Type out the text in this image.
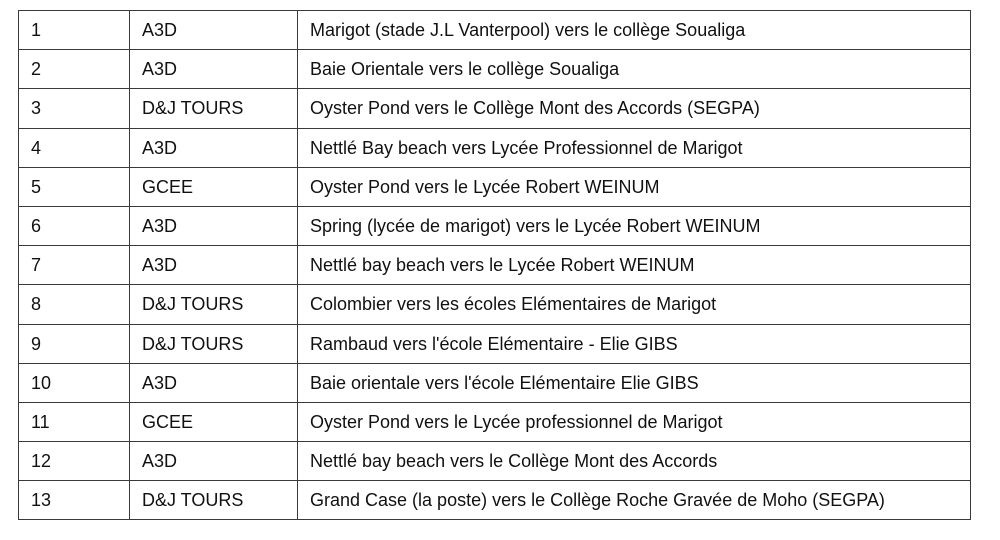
1	A3D	Marigot (stade J.L Vanterpool) vers le collège Soualiga
2	A3D	Baie Orientale vers le collège Soualiga
3	D&J TOURS	Oyster Pond vers le Collège Mont des Accords (SEGPA)
4	A3D	Nettlé Bay beach vers Lycée Professionnel de Marigot
5	GCEE	Oyster Pond vers le Lycée Robert WEINUM
6	A3D	Spring (lycée de marigot) vers le Lycée Robert WEINUM
7	A3D	Nettlé bay beach vers le Lycée Robert WEINUM
8	D&J TOURS	Colombier vers les écoles Elémentaires de Marigot
9	D&J TOURS	Rambaud vers l'école Elémentaire - Elie GIBS
10	A3D	Baie orientale vers l'école Elémentaire Elie GIBS
11	GCEE	Oyster Pond vers le Lycée professionnel de Marigot
12	A3D	Nettlé bay beach vers le Collège Mont des Accords
13	D&J TOURS	Grand Case (la poste) vers le Collège Roche Gravée de Moho (SEGPA)
